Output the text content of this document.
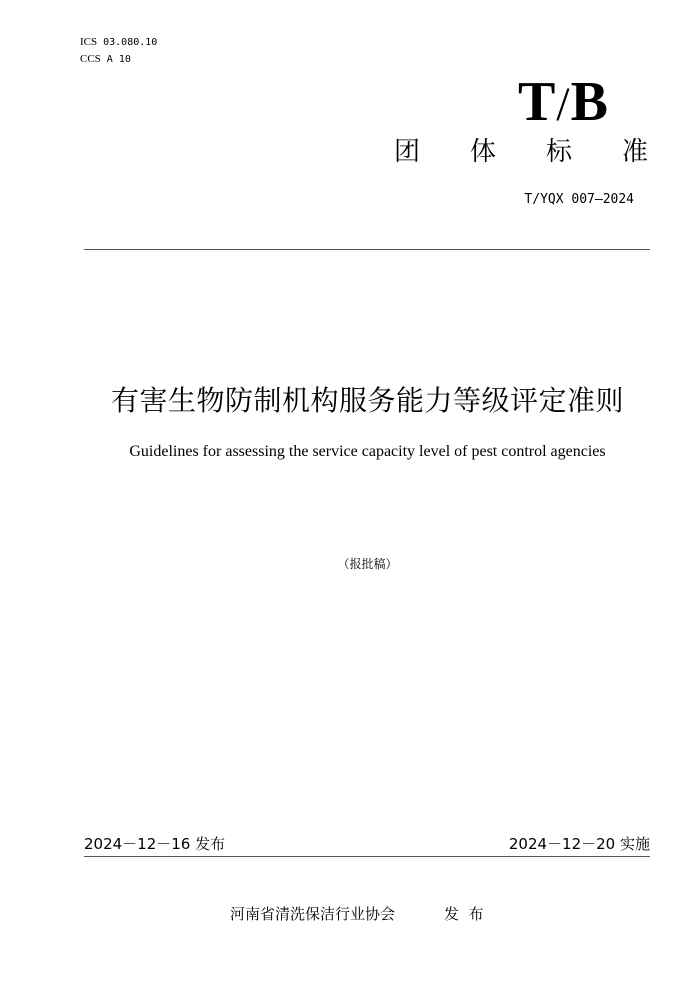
ICS 03.080.10
CCS A 10
T/B
团 体 标 准
T/YQX 007—2024
有害生物防制机构服务能力等级评定准则
Guidelines for assessing the service capacity level of pest control agencies
（报批稿）
2024－12－16 发布	2024－12－20 实施
河南省清洗保洁行业协会	发  布
